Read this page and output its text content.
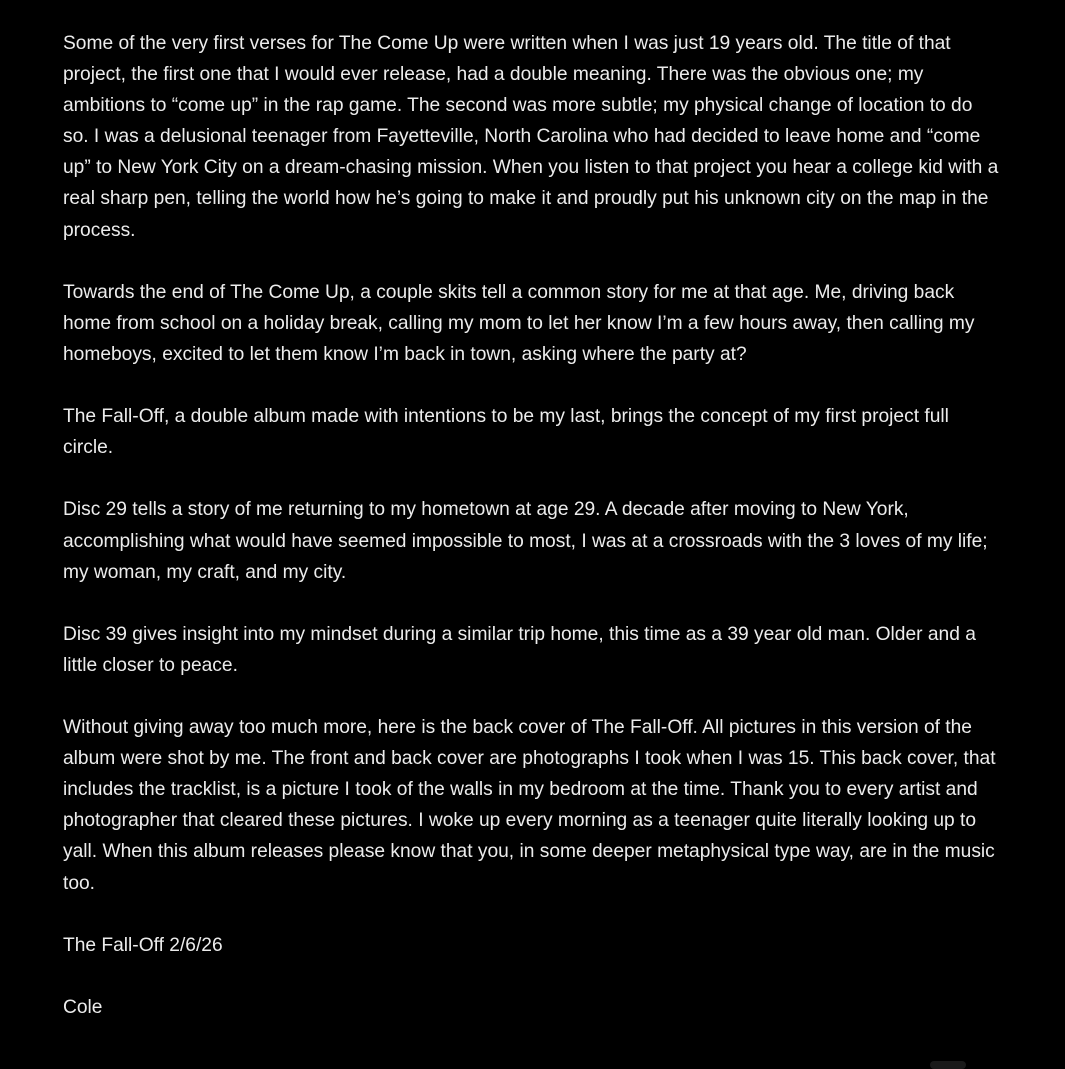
Some of the very first verses for The Come Up were written when I was just 19 years old. The title of that project, the first one that I would ever release, had a double meaning. There was the obvious one; my ambitions to “come up” in the rap game. The second was more subtle; my physical change of location to do so. I was a delusional teenager from Fayetteville, North Carolina who had decided to leave home and “come up” to New York City on a dream-chasing mission. When you listen to that project you hear a college kid with a real sharp pen, telling the world how he’s going to make it and proudly put his unknown city on the map in the process.

Towards the end of The Come Up, a couple skits tell a common story for me at that age. Me, driving back home from school on a holiday break, calling my mom to let her know I’m a few hours away, then calling my homeboys, excited to let them know I’m back in town, asking where the party at?

The Fall-Off, a double album made with intentions to be my last, brings the concept of my first project full circle.

Disc 29 tells a story of me returning to my hometown at age 29. A decade after moving to New York, accomplishing what would have seemed impossible to most, I was at a crossroads with the 3 loves of my life; my woman, my craft, and my city.

Disc 39 gives insight into my mindset during a similar trip home, this time as a 39 year old man. Older and a little closer to peace.

Without giving away too much more, here is the back cover of The Fall-Off. All pictures in this version of the album were shot by me. The front and back cover are photographs I took when I was 15. This back cover, that includes the tracklist, is a picture I took of the walls in my bedroom at the time. Thank you to every artist and photographer that cleared these pictures. I woke up every morning as a teenager quite literally looking up to yall. When this album releases please know that you, in some deeper metaphysical type way, are in the music too.

The Fall-Off 2/6/26

Cole
